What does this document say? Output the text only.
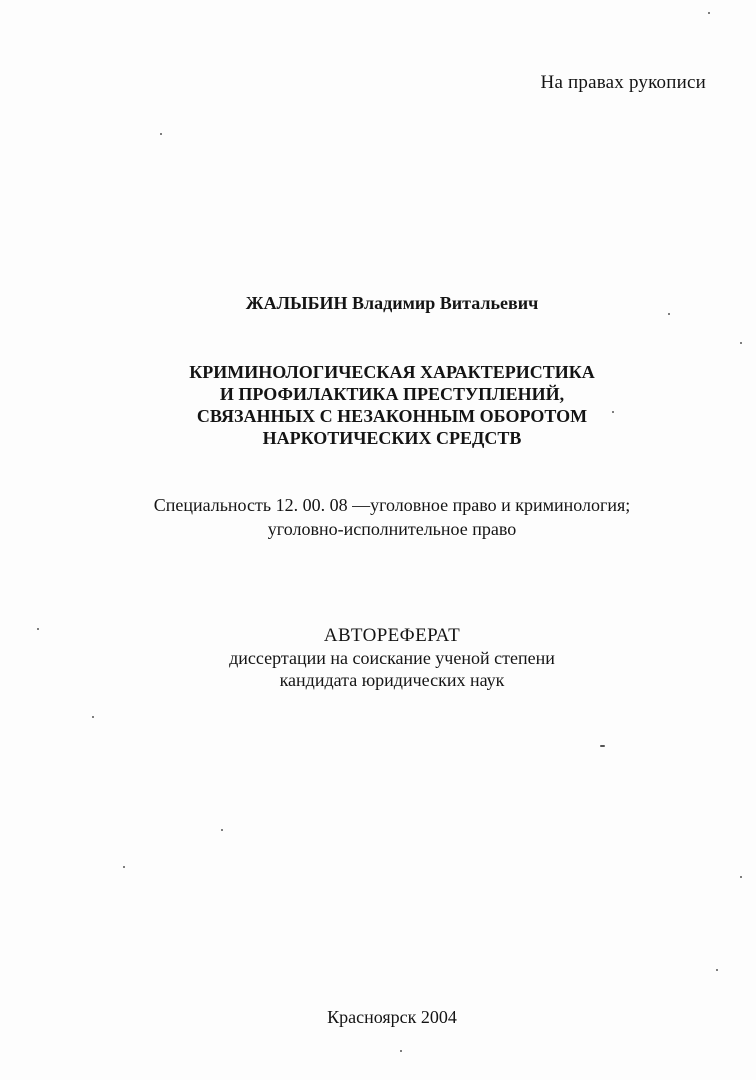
На правах рукописи
ЖАЛЫБИН Владимир Витальевич
КРИМИНОЛОГИЧЕСКАЯ ХАРАКТЕРИСТИКА
И ПРОФИЛАКТИКА ПРЕСТУПЛЕНИЙ,
СВЯЗАННЫХ С НЕЗАКОННЫМ ОБОРОТОМ
НАРКОТИЧЕСКИХ СРЕДСТВ
Специальность 12. 00. 08 —уголовное право и криминология;
уголовно-исполнительное право
АВТОРЕФЕРАТ
диссертации на соискание ученой степени
кандидата юридических наук
Красноярск 2004
